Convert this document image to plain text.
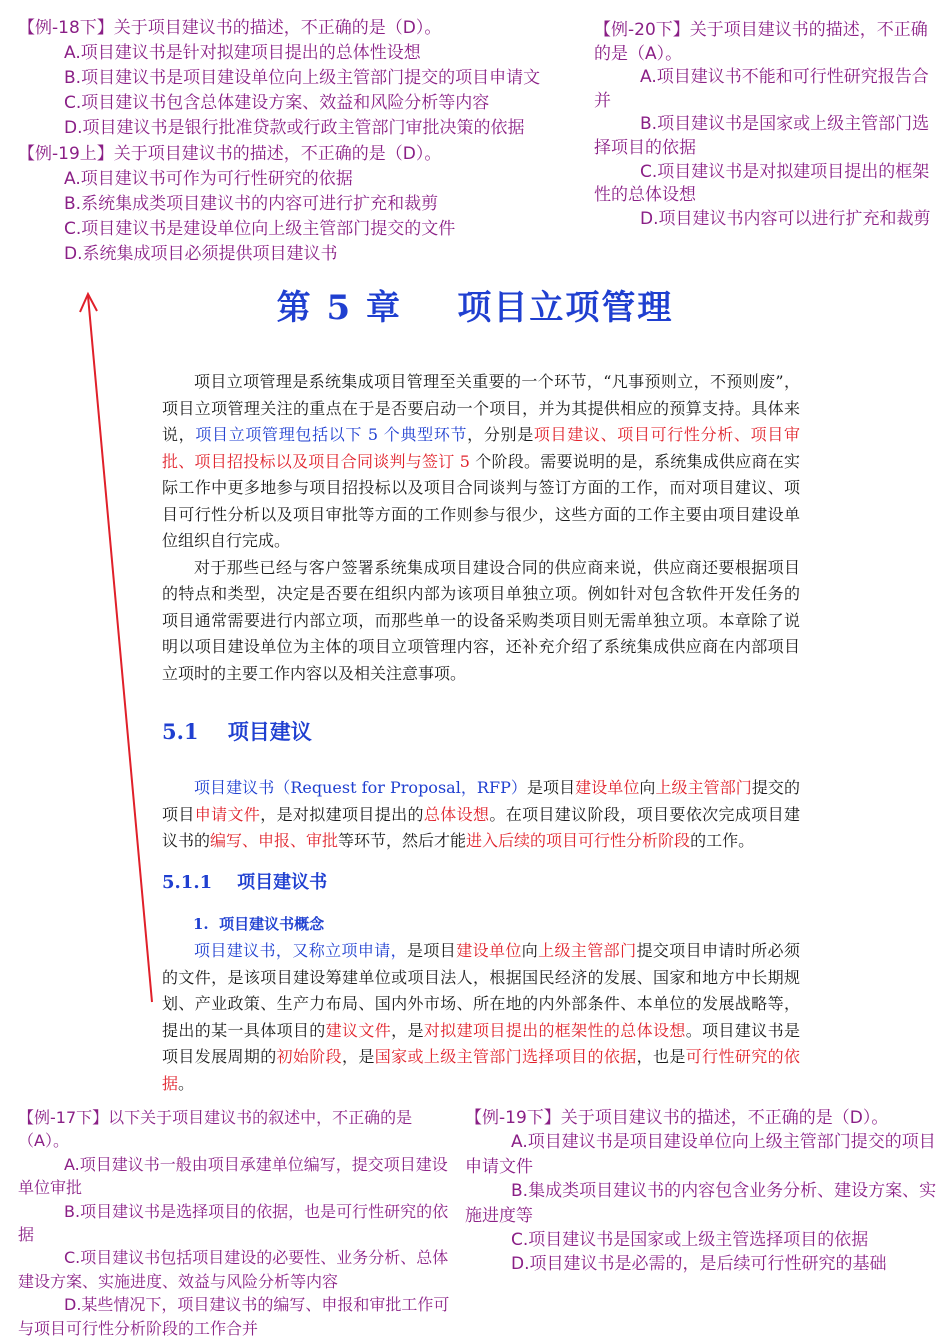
【例-18下】关于项目建议书的描述，不正确的是（D）。
A.项目建议书是针对拟建项目提出的总体性设想
B.项目建议书是项目建设单位向上级主管部门提交的项目申请文
C.项目建议书包含总体建设方案、效益和风险分析等内容
D.项目建议书是银行批准贷款或行政主管部门审批决策的依据
【例-19上】关于项目建议书的描述，不正确的是（D）。
A.项目建议书可作为可行性研究的依据
B.系统集成类项目建议书的内容可进行扩充和裁剪
C.项目建议书是建设单位向上级主管部门提交的文件
D.系统集成项目必须提供项目建议书
【例-20下】关于项目建议书的描述，不正确的是（A）。
A.项目建议书不能和可行性研究报告合并
B.项目建议书是国家或上级主管部门选择项目的依据
C.项目建议书是对拟建项目提出的框架性的总体设想
D.项目建议书内容可以进行扩充和裁剪
第 5 章    项目立项管理

项目立项管理是系统集成项目管理至关重要的一个环节，“凡事预则立，不预则废”，项目立项管理关注的重点在于是否要启动一个项目，并为其提供相应的预算支持。具体来说，项目立项管理包括以下 5 个典型环节，分别是项目建议、项目可行性分析、项目审批、项目招投标以及项目合同谈判与签订 5 个阶段。需要说明的是，系统集成供应商在实际工作中更多地参与项目招投标以及项目合同谈判与签订方面的工作，而对项目建议、项目可行性分析以及项目审批等方面的工作则参与很少，这些方面的工作主要由项目建设单位组织自行完成。

对于那些已经与客户签署系统集成项目建设合同的供应商来说，供应商还要根据项目的特点和类型，决定是否要在组织内部为该项目单独立项。例如针对包含软件开发任务的项目通常需要进行内部立项，而那些单一的设备采购类项目则无需单独立项。本章除了说明以项目建设单位为主体的项目立项管理内容，还补充介绍了系统集成供应商在内部项目立项时的主要工作内容以及相关注意事项。

5.1    项目建议

项目建议书（Request for Proposal，RFP）是项目建设单位向上级主管部门提交的项目申请文件，是对拟建项目提出的总体设想。在项目建议阶段，项目要依次完成项目建议书的编写、申报、审批等环节，然后才能进入后续的项目可行性分析阶段的工作。

5.1.1    项目建议书
1.  项目建议书概念

项目建议书，又称立项申请，是项目建设单位向上级主管部门提交项目申请时所必须的文件，是该项目建设筹建单位或项目法人，根据国民经济的发展、国家和地方中长期规划、产业政策、生产力布局、国内外市场、所在地的内外部条件、本单位的发展战略等，提出的某一具体项目的建议文件，是对拟建项目提出的框架性的总体设想。项目建议书是项目发展周期的初始阶段，是国家或上级主管部门选择项目的依据，也是可行性研究的依据。

【例-17下】以下关于项目建议书的叙述中，不正确的是（A）。
A.项目建议书一般由项目承建单位编写，提交项目建设单位审批
B.项目建议书是选择项目的依据，也是可行性研究的依据
C.项目建议书包括项目建设的必要性、业务分析、总体建设方案、实施进度、效益与风险分析等内容
D.某些情况下，项目建议书的编写、申报和审批工作可与项目可行性分析阶段的工作合并
【例-19下】关于项目建议书的描述，不正确的是（D）。
A.项目建议书是项目建设单位向上级主管部门提交的项目申请文件
B.集成类项目建议书的内容包含业务分析、建设方案、实施进度等
C.项目建议书是国家或上级主管选择项目的依据
D.项目建议书是必需的，是后续可行性研究的基础
